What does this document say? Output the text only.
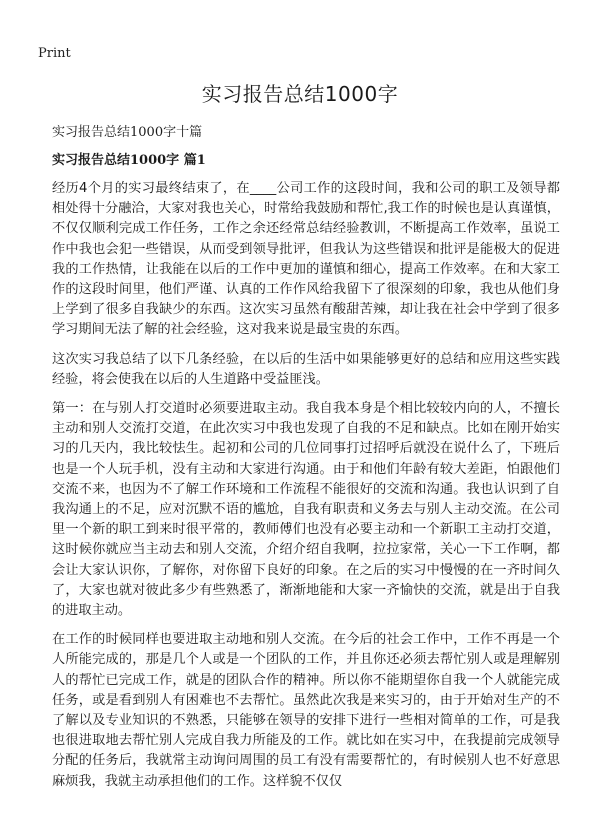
Print
实习报告总结1000字
实习报告总结1000字十篇
实习报告总结1000字 篇1

经历4个月的实习最终结束了，在____公司工作的这段时间，我和公司的职工及领导都相处得十分融洽，大家对我也关心，时常给我鼓励和帮忙,我工作的时候也是认真谨慎，不仅仅顺利完成工作任务，工作之余还经常总结经验教训，不断提高工作效率，虽说工作中我也会犯一些错误，从而受到领导批评，但我认为这些错误和批评是能极大的促进我的工作热情，让我能在以后的工作中更加的谨慎和细心，提高工作效率。在和大家工作的这段时间里，他们严谨、认真的工作作风给我留下了很深刻的印象，我也从他们身上学到了很多自我缺少的东西。这次实习虽然有酸甜苦辣，却让我在社会中学到了很多学习期间无法了解的社会经验，这对我来说是最宝贵的东西。

这次实习我总结了以下几条经验，在以后的生活中如果能够更好的总结和应用这些实践经验，将会使我在以后的人生道路中受益匪浅。

第一：在与别人打交道时必须要进取主动。我自我本身是个相比较较内向的人，不擅长主动和别人交流打交道，在此次实习中我也发现了自我的不足和缺点。比如在刚开始实习的几天内，我比较怯生。起初和公司的几位同事打过招呼后就没在说什么了，下班后也是一个人玩手机，没有主动和大家进行沟通。由于和他们年龄有较大差距，怕跟他们交流不来，也因为不了解工作环境和工作流程不能很好的交流和沟通。我也认识到了自我沟通上的不足，应对沉默不语的尴尬，自我有职责和义务去与别人主动交流。在公司里一个新的职工到来时很平常的，教师傅们也没有必要主动和一个新职工主动打交道，这时候你就应当主动去和别人交流，介绍介绍自我啊，拉拉家常，关心一下工作啊，都会让大家认识你，了解你，对你留下良好的印象。在之后的实习中慢慢的在一齐时间久了，大家也就对彼此多少有些熟悉了，渐渐地能和大家一齐愉快的交流，就是出于自我的进取主动。

在工作的时候同样也要进取主动地和别人交流。在今后的社会工作中，工作不再是一个人所能完成的，那是几个人或是一个团队的工作，并且你还必须去帮忙别人或是理解别人的帮忙已完成工作，就是的团队合作的精神。所以你不能期望你自我一个人就能完成任务，或是看到别人有困难也不去帮忙。虽然此次我是来实习的，由于开始对生产的不了解以及专业知识的不熟悉，只能够在领导的安排下进行一些相对简单的工作，可是我也很进取地去帮忙别人完成自我力所能及的工作。就比如在实习中，在我提前完成领导分配的任务后，我就常主动询问周围的员工有没有需要帮忙的，有时候别人也不好意思麻烦我，我就主动承担他们的工作。这样貌不仅仅
